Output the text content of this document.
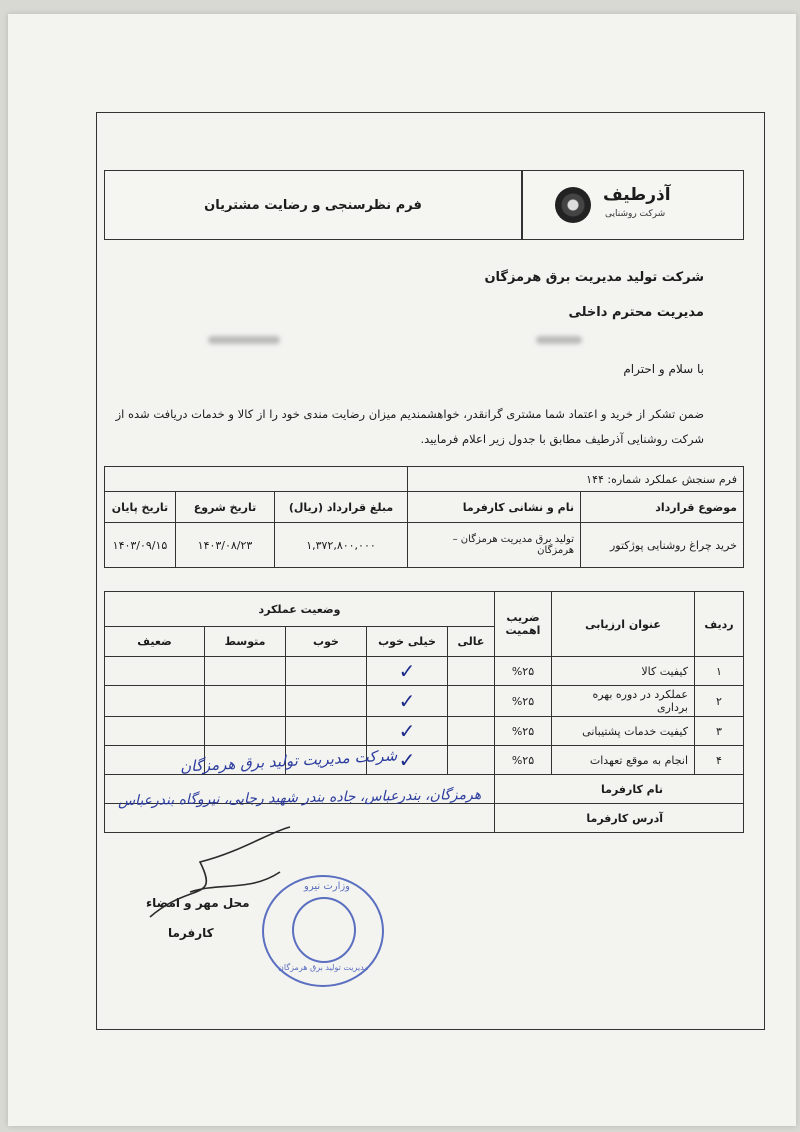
فرم نظرسنجی و رضایت مشتریان	آذرطیف
شرکت روشنایی
شرکت تولید مدیریت برق هرمزگان
مدیریت محترم داخلی
با سلام و احترام
ضمن تشکر از خرید و اعتماد شما مشتری گرانقدر، خواهشمندیم میزان رضایت مندی خود را از کالا و خدمات دریافت شده از شرکت روشنایی آذرطیف مطابق با جدول زیر اعلام فرمایید.
فرم سنجش عملکرد شماره: ۱۴۴				
موضوع قرارداد	نام و نشانی کارفرما	مبلغ قرارداد (ریال)	تاریخ شروع	تاریخ پایان
خرید چراغ روشنایی پوژکتور	تولید برق مدیریت هرمزگان – هرمزگان	۱,۳۷۲,۸۰۰,۰۰۰	۱۴۰۳/۰۸/۲۳	۱۴۰۳/۰۹/۱۵
ردیف	عنوان ارزیابی	ضریب اهمیت	وضعیت عملکرد				
			عالی	خیلی خوب	خوب	متوسط	ضعیف
۱	کیفیت کالا	%۲۵		✓			
۲	عملکرد در دوره بهره برداری	%۲۵		✓			
۳	کیفیت خدمات پشتیبانی	%۲۵		✓			
۴	انجام به موقع تعهدات	%۲۵		✓			
نام کارفرما							
آدرس کارفرما							
شرکت مدیریت تولید برق هرمزگان
هرمزگان، بندرعباس، جاده بندر شهید رجایی، نیروگاه بندرعباس
محل مهر و امضاء
کارفرما
وزارت نیرو
مدیریت تولید برق هرمزگان
